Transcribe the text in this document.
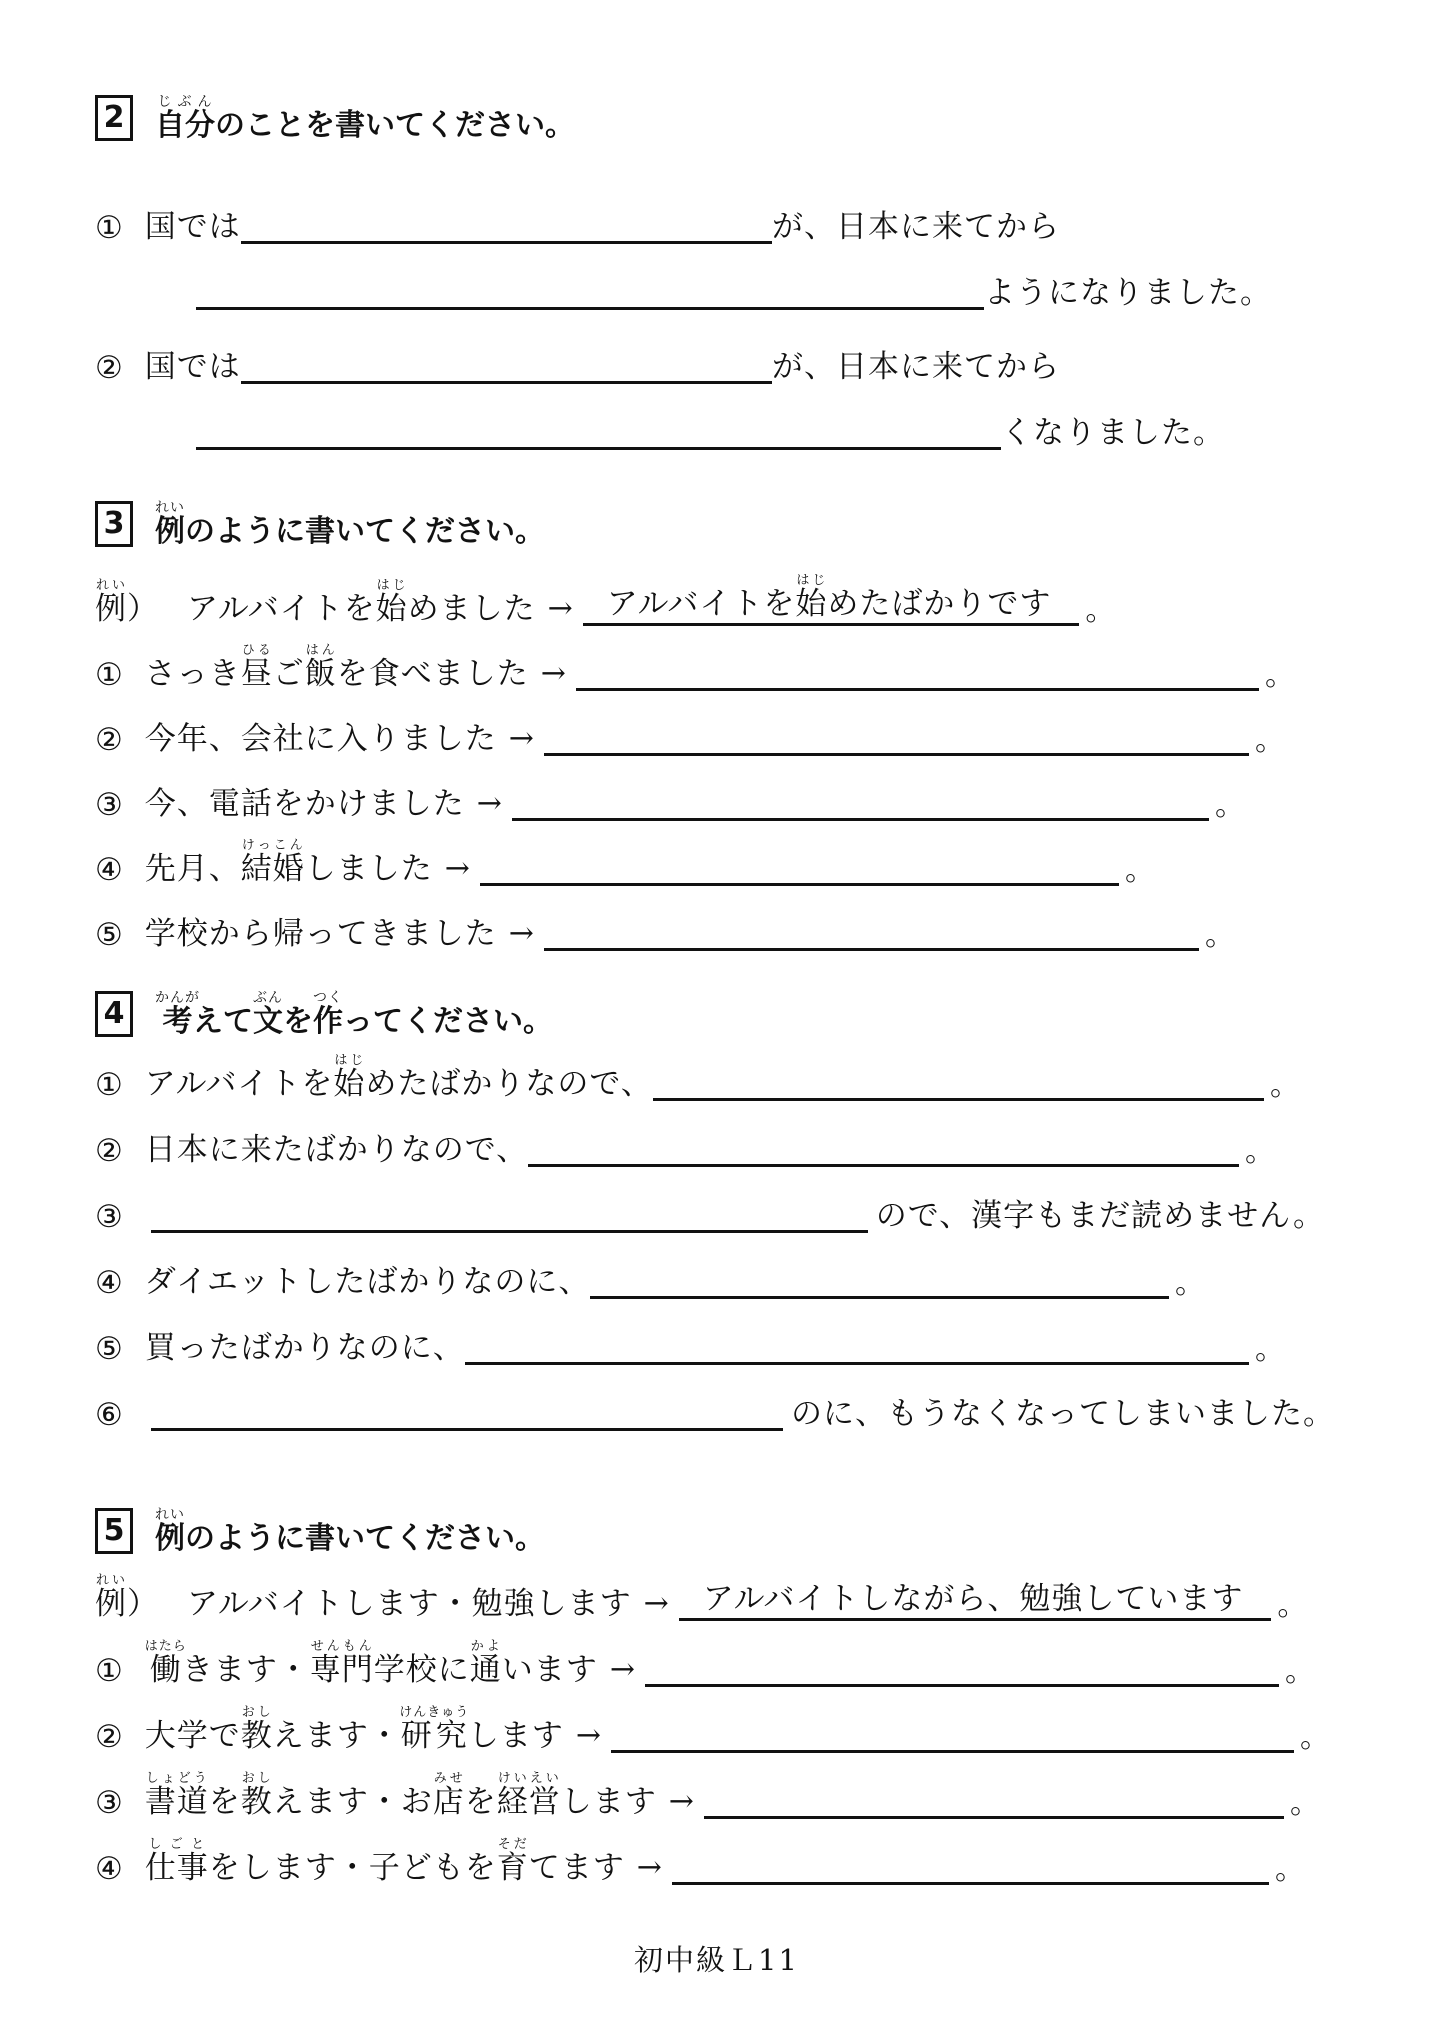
2 自分じぶんのことを書いてください。
① 国では	が、日本に来てから
ようになりました。
② 国では	が、日本に来てから
くなりました。
3 例れいのように書いてください。
例れい） アルバイトを始はじめました →	アルバイトを始はじめたばかりです	。
① さっき昼ひるご飯はんを食べました →	。
② 今年、会社に入りました →	。
③ 今、電話をかけました →	。
④ 先月、結婚けっこんしました →	。
⑤ 学校から帰ってきました →	。
4 考かんがえて文ぶんを作つくってください。
① アルバイトを始はじめたばかりなので、	。
② 日本に来たばかりなので、	。
③	ので、漢字もまだ読めません。
④ ダイエットしたばかりなのに、	。
⑤ 買ったばかりなのに、	。
⑥	のに、もうなくなってしまいました。
5 例れいのように書いてください。
例れい） アルバイトします・勉強します →	アルバイトしながら、勉強しています	。
① 働はたらきます・専門せんもん学校に通かよいます →	。
② 大学で教おしえます・研究けんきゅうします →	。
③ 書道しょどうを教おしえます・お店みせを経営けいえいします →	。
④ 仕事しごとをします・子どもを育そだてます →	。
初中級Ｌ11
